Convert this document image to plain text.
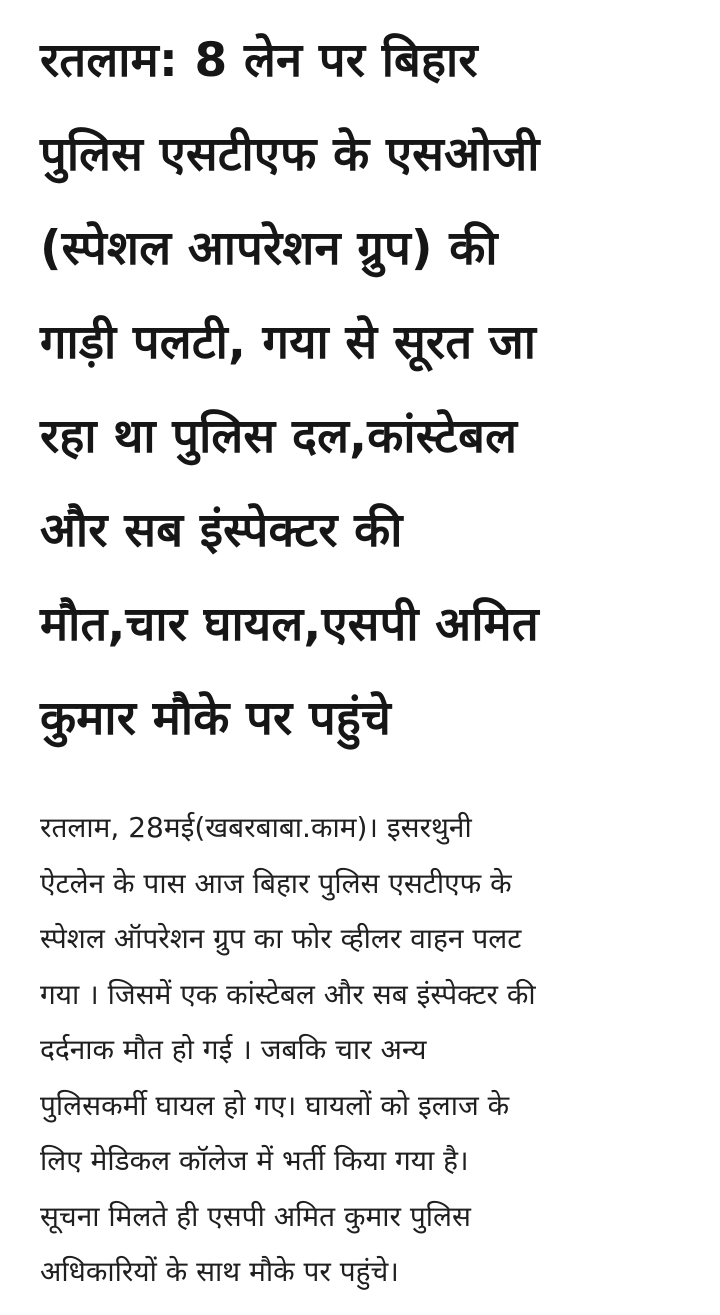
रतलाम: 8 लेन पर बिहार
पुलिस एसटीएफ के एसओजी
(स्पेशल आपरेशन ग्रुप) की
गाड़ी पलटी, गया से सूरत जा
रहा था पुलिस दल,कांस्टेबल
और सब इंस्पेक्टर की
मौत,चार घायल,एसपी अमित
कुमार मौके पर पहुंचे
रतलाम, 28मई(खबरबाबा.काम)। इसरथुनी
ऐटलेन के पास आज बिहार पुलिस एसटीएफ के
स्पेशल ऑपरेशन ग्रुप का फोर व्हीलर वाहन पलट
गया । जिसमें एक कांस्टेबल और सब इंस्पेक्टर की
दर्दनाक मौत हो गई । जबकि चार अन्य
पुलिसकर्मी घायल हो गए। घायलों को इलाज के
लिए मेडिकल कॉलेज में भर्ती किया गया है।
सूचना मिलते ही एसपी अमित कुमार पुलिस
अधिकारियों के साथ मौके पर पहुंचे।
